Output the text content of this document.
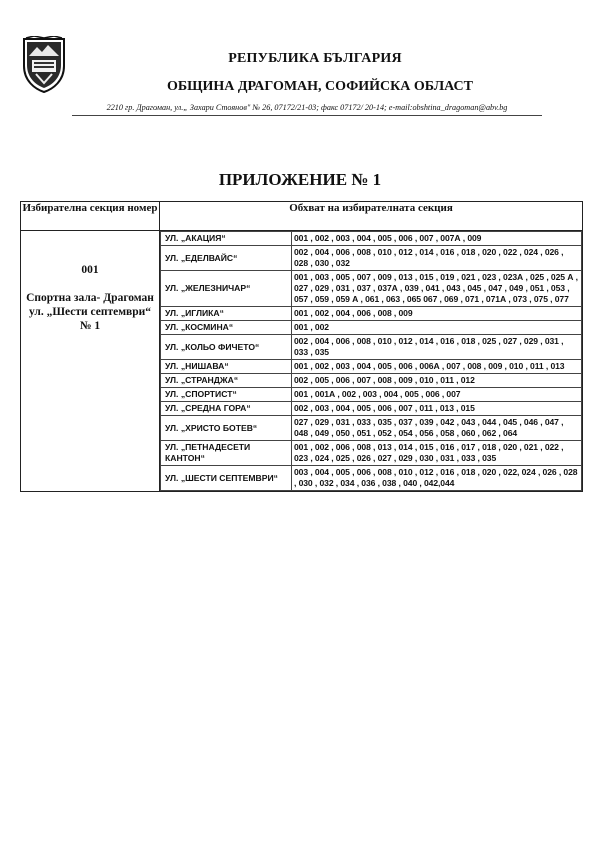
РЕПУБЛИКА БЪЛГАРИЯ
ОБЩИНА ДРАГОМАН, СОФИЙСКА ОБЛАСТ
2210 гр. Драгоман, ул.„ Захари Стоянов" № 26, 07172/21-03; факс 07172/ 20-14; e-mail:obshtina_dragoman@abv.bg
ПРИЛОЖЕНИЕ № 1
Избирателна секция номер	Обхват на избирателната секция

001
Спортна зала- Драгоман ул. „Шести септември“ № 1

УЛ. „АКАЦИЯ“	001 , 002 , 003 , 004 , 005 , 006 , 007 , 007А , 009
УЛ. „ЕДЕЛВАЙС“	002 , 004 , 006 , 008 , 010 , 012 , 014 , 016 , 018 , 020 , 022 , 024 , 026 , 028 , 030 , 032
УЛ. „ЖЕЛЕЗНИЧАР“	001 , 003 , 005 , 007 , 009 , 013 , 015 , 019 , 021 , 023 , 023А , 025 , 025 А , 027 , 029 , 031 , 037 , 037А , 039 , 041 , 043 , 045 , 047 , 049 , 051 , 053 , 057 , 059 , 059 А , 061 , 063 , 065 067 , 069 , 071 , 071А , 073 , 075 , 077
УЛ. „ИГЛИКА“	001 , 002 , 004 , 006 , 008 , 009
УЛ. „КОСМИНА“	001 , 002
УЛ. „КОЛЬО ФИЧЕТО“	002 , 004 , 006 , 008 , 010 , 012 , 014 , 016 , 018 , 025 , 027 , 029 , 031 , 033 , 035
УЛ. „НИШАВА“	001 , 002 , 003 , 004 , 005 , 006 , 006А , 007 , 008 , 009 , 010 , 011 , 013
УЛ. „СТРАНДЖА“	002 , 005 , 006 , 007 , 008 , 009 , 010 , 011 , 012
УЛ. „СПОРТИСТ“	001 , 001А , 002 , 003 , 004 , 005 , 006 , 007
УЛ. „СРЕДНА ГОРА“	002 , 003 , 004 , 005 , 006 , 007 , 011 , 013 , 015
УЛ. „ХРИСТО БОТЕВ“	027 , 029 , 031 , 033 , 035 , 037 , 039 , 042 , 043 , 044 , 045 , 046 , 047 , 048 , 049 , 050 , 051 , 052 , 054 , 056 , 058 , 060 , 062 , 064
УЛ. „ПЕТНАДЕСЕТИ КАНТОН“	001 , 002 , 006 , 008 , 013 , 014 , 015 , 016 , 017 , 018 , 020 , 021 , 022 , 023 , 024 , 025 , 026 , 027 , 029 , 030 , 031 , 033 , 035
УЛ. „ШЕСТИ СЕПТЕМВРИ“	003 , 004 , 005 , 006 , 008 , 010 , 012 , 016 , 018 , 020 , 022, 024 , 026 , 028 , 030 , 032 , 034 , 036 , 038 , 040 , 042,044
